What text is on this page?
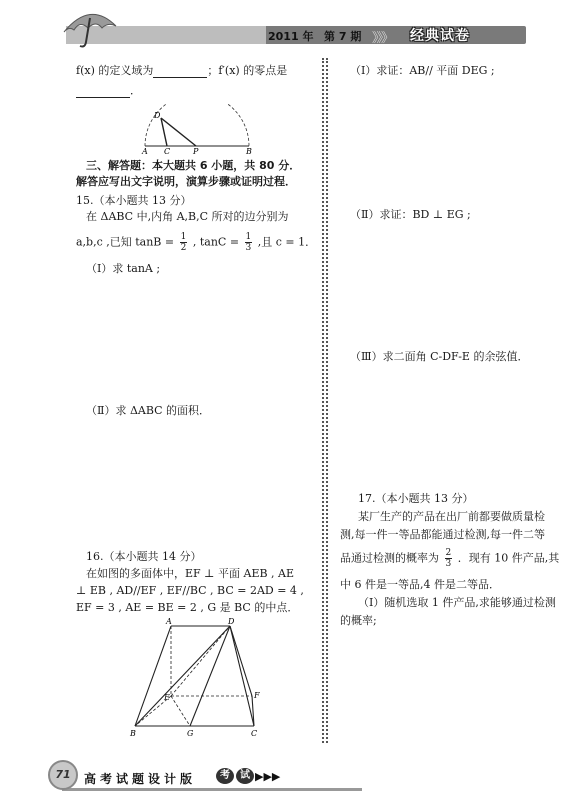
2011 年 第 7 期 》》》 经典试卷
f(x) 的定义域为	；f′(x) 的零点是
．
D
A C	P	B
三、解答题：本大题共 6 小题，共 80 分．
解答应写出文字说明，演算步骤或证明过程．
15.（本小题共 13 分）
在 ΔABC 中,内角 A,B,C 所对的边分别为
a,b,c ,已知 $\tan B = \frac{1}{2}$ , $\tan C = \frac{1}{3}$ ,且 c = 1．
（Ⅰ）求 tanA ;
（Ⅱ）求 ΔABC 的面积．
16.（本小题共 14 分）
在如图的多面体中，EF ⊥ 平面 AEB , AE
⊥ EB , AD//EF , EF//BC , BC = 2AD = 4 ,
EF = 3 , AE = BE = 2 , G 是 BC 的中点．
A	D
E	F
B	G	C
（Ⅰ）求证：AB// 平面 DEG ;
（Ⅱ）求证：BD ⊥ EG ;
（Ⅲ）求二面角 C-DF-E 的余弦值．
17.（本小题共 13 分）
某厂生产的产品在出厂前都要做质量检
测,每一件一等品都能通过检测,每一件二等
品通过检测的概率为 $\frac{2}{3}$ ．现有 10 件产品,其
中 6 件是一等品,4 件是二等品．
（Ⅰ）随机选取 1 件产品,求能够通过检测
的概率;
71	高考试题设计版	考	试 ▶▶▶
